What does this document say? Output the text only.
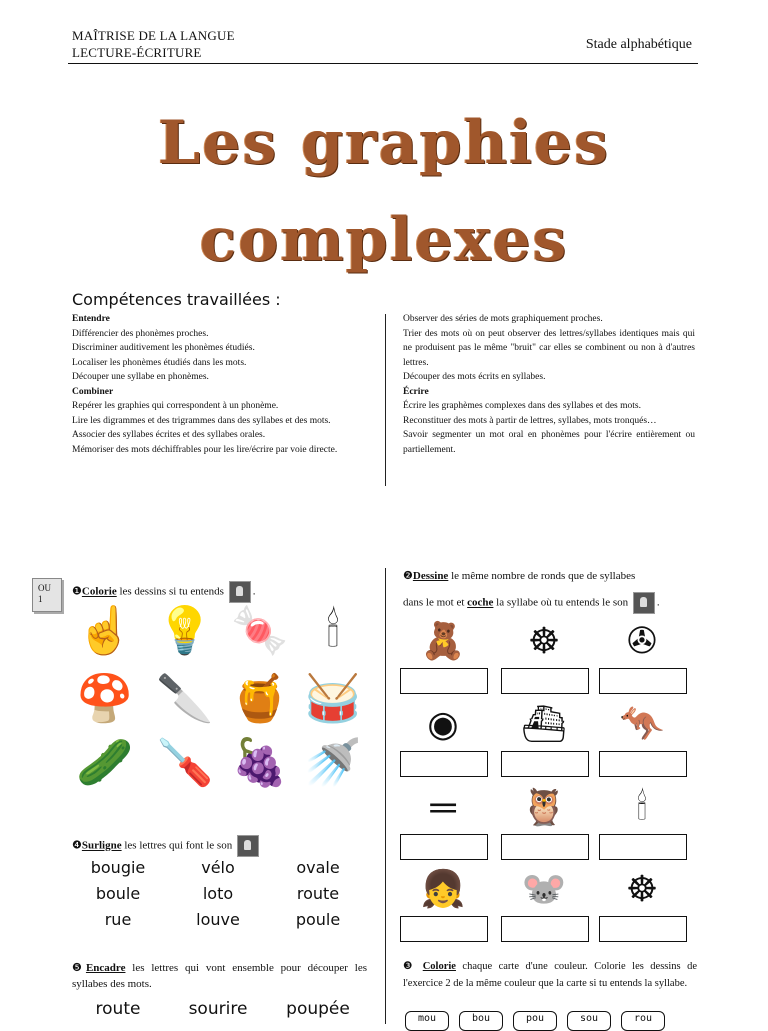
MAÎTRISE DE LA LANGUE
LECTURE-ÉCRITURE
Stade alphabétique
Les graphies
complexes
Compétences travaillées :
Entendre
Différencier des phonèmes proches.
Discriminer auditivement les phonèmes étudiés.
Localiser les phonèmes étudiés dans les mots.
Découper une syllabe en phonèmes.
Combiner
Repérer les graphies qui correspondent à un phonème.
Lire les digrammes et des trigrammes dans des syllabes et des mots.
Associer des syllabes écrites et des syllabes orales.
Mémoriser des mots déchiffrables pour les lire/écrire par voie directe.
Observer des séries de mots graphiquement proches.
Trier des mots où on peut observer des lettres/syllabes identiques mais qui ne produisent pas le même "bruit" car elles se combinent ou non à d'autres lettres.
Découper des mots écrits en syllabes.
Écrire
Écrire les graphèmes complexes dans des syllabes et des mots.
Reconstituer des mots à partir de lettres, syllabes, mots tronqués…
Savoir segmenter un mot oral en phonèmes pour l'écrire entièrement ou partiellement.
OU
1
❶Colorie les dessins si tu entends .
☝ 💡 🍬 🕯
🍄 🔪 🍯 🥁
🥒 🪛 🍇 🚿
❹Surligne les lettres qui font le son
bougie	vélo	ovale
boule	loto	route
rue	louve	poule
❺Encadre les lettres qui vont ensemble pour découper les syllabes des mots.
route	sourire	poupée
❷Dessine le même nombre de ronds que de syllabes
dans le mot et coche la syllabe où tu entends le son .
🧸	☸	✇
◉	⛴	🦘
═	🦉	🕯
👧	🐭	☸
❸ Colorie chaque carte d'une couleur. Colorie les dessins de l'exercice 2 de la même couleur que la carte si tu entends la syllabe.
mou	bou	pou	sou	rou
